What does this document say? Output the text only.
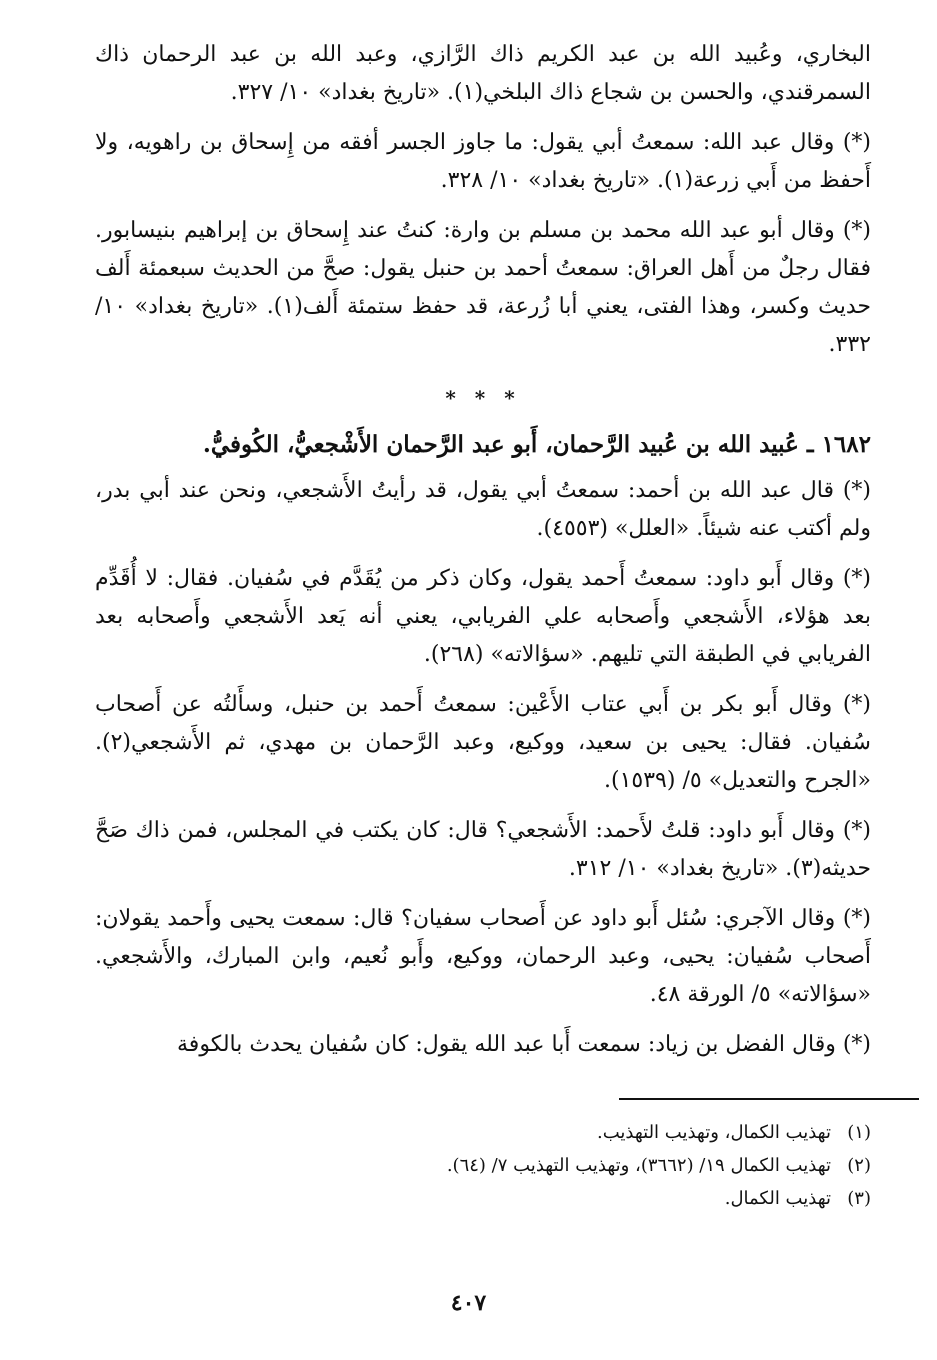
البخاري، وعُبيد الله بن عبد الكريم ذاك الرَّازي، وعبد الله بن عبد الرحمان ذاك السمرقندي، والحسن بن شجاع ذاك البلخي(١). «تاريخ بغداد» ١٠/ ٣٢٧.

(*) وقال عبد الله: سمعتُ أبي يقول: ما جاوز الجسر أفقه من إِسحاق بن راهويه، ولا أَحفظ من أَبي زرعة(١). «تاريخ بغداد» ١٠/ ٣٢٨.

(*) وقال أبو عبد الله محمد بن مسلم بن وارة: كنتُ عند إِسحاق بن إبراهيم بنيسابور. فقال رجلٌ من أَهل العراق: سمعتُ أحمد بن حنبل يقول: صحَّ من الحديث سبعمئة أَلف حديث وكسر، وهذا الفتى، يعني أبا زُرعة، قد حفظ ستمئة أَلف(١). «تاريخ بغداد» ١٠/ ٣٣٢.

* * *
١٦٨٢ ـ عُبيد الله بن عُبيد الرَّحمان، أَبو عبد الرَّحمان الأَشْجعيُّ، الكُوفيُّ.

(*) قال عبد الله بن أحمد: سمعتُ أبي يقول، قد رأيتُ الأَشجعي، ونحن عند أبي بدر، ولم أكتب عنه شيئاً. «العلل» (٤٥٥٣).

(*) وقال أَبو داود: سمعتُ أَحمد يقول، وكان ذكر من يُقَدَّم في سُفيان. فقال: لا أُقَدِّم بعد هؤلاء، الأَشجعي وأَصحابه علي الفريابي، يعني أنه يَعد الأَشجعي وأَصحابه بعد الفريابي في الطبقة التي تليهم. «سؤالاته» (٢٦٨).

(*) وقال أَبو بكر بن أَبي عتاب الأَعْين: سمعتُ أَحمد بن حنبل، وسأَلتُه عن أَصحاب سُفيان. فقال: يحيى بن سعيد، ووكيع، وعبد الرَّحمان بن مهدي، ثم الأَشجعي(٢). «الجرح والتعديل» ٥/ (١٥٣٩).

(*) وقال أَبو داود: قلتُ لأَحمد: الأَشجعي؟ قال: كان يكتب في المجلس، فمن ذاك صَحَّ حديثه(٣). «تاريخ بغداد» ١٠/ ٣١٢.

(*) وقال الآجري: سُئل أَبو داود عن أَصحاب سفيان؟ قال: سمعت يحيى وأَحمد يقولان: أَصحاب سُفيان: يحيى، وعبد الرحمان، ووكيع، وأَبو نُعيم، وابن المبارك، والأَشجعي. «سؤالاته» ٥/ الورقة ٤٨.

(*) وقال الفضل بن زياد: سمعت أَبا عبد الله يقول: كان سُفيان يحدث بالكوفة

(١)
تهذيب الكمال، وتهذيب التهذيب.
(٢)
تهذيب الكمال ١٩/ (٣٦٦٢)، وتهذيب التهذيب ٧/ (٦٤).
(٣)
تهذيب الكمال.
٤٠٧
